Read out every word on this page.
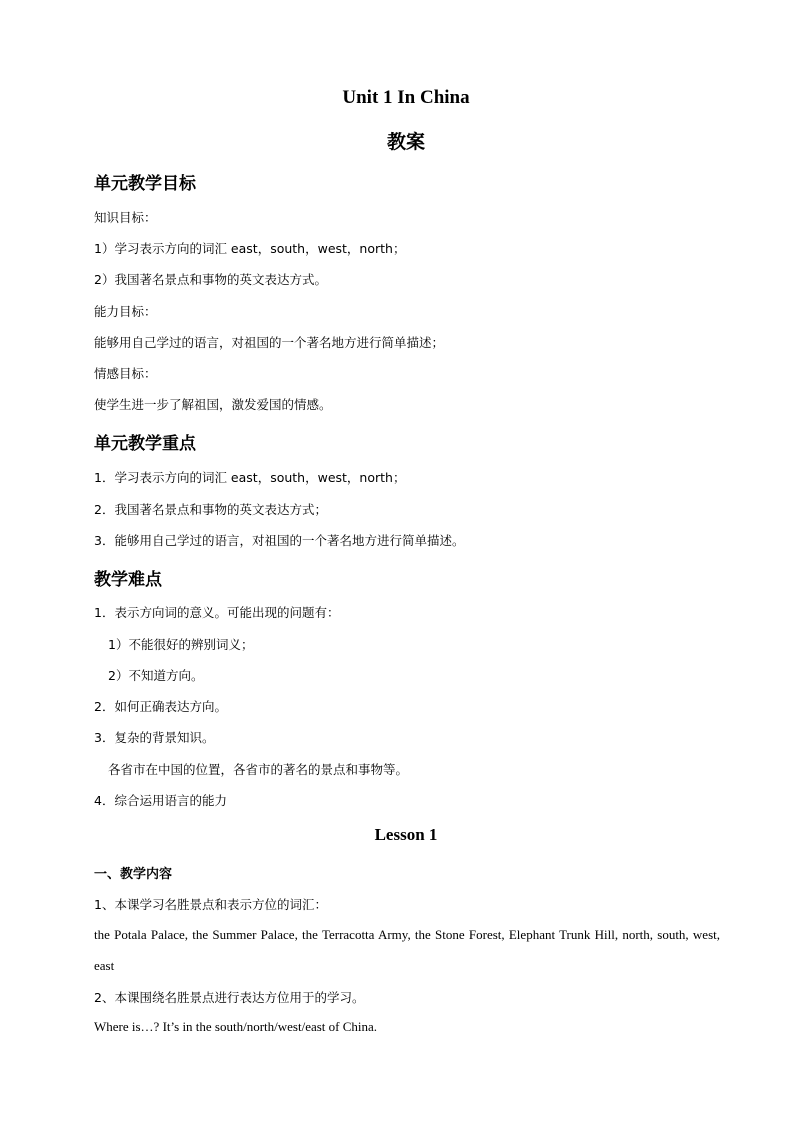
Unit 1 In China
教案
单元教学目标
知识目标：
1）学习表示方向的词汇 east，south，west，north；
2）我国著名景点和事物的英文表达方式。
能力目标：
能够用自己学过的语言，对祖国的一个著名地方进行简单描述；
情感目标：
使学生进一步了解祖国，激发爱国的情感。
单元教学重点
1．学习表示方向的词汇 east，south，west，north；
2．我国著名景点和事物的英文表达方式；
3．能够用自己学过的语言，对祖国的一个著名地方进行简单描述。
教学难点
1．表示方向词的意义。可能出现的问题有：
1）不能很好的辨别词义；
2）不知道方向。
2．如何正确表达方向。
3．复杂的背景知识。
各省市在中国的位置，各省市的著名的景点和事物等。
4．综合运用语言的能力
Lesson 1
一、教学内容
1、本课学习名胜景点和表示方位的词汇：
the Potala Palace, the Summer Palace, the Terracotta Army, the Stone Forest, Elephant Trunk Hill, north, south, west, east
2、本课围绕名胜景点进行表达方位用于的学习。
Where is…? It’s in the south/north/west/east of China.
